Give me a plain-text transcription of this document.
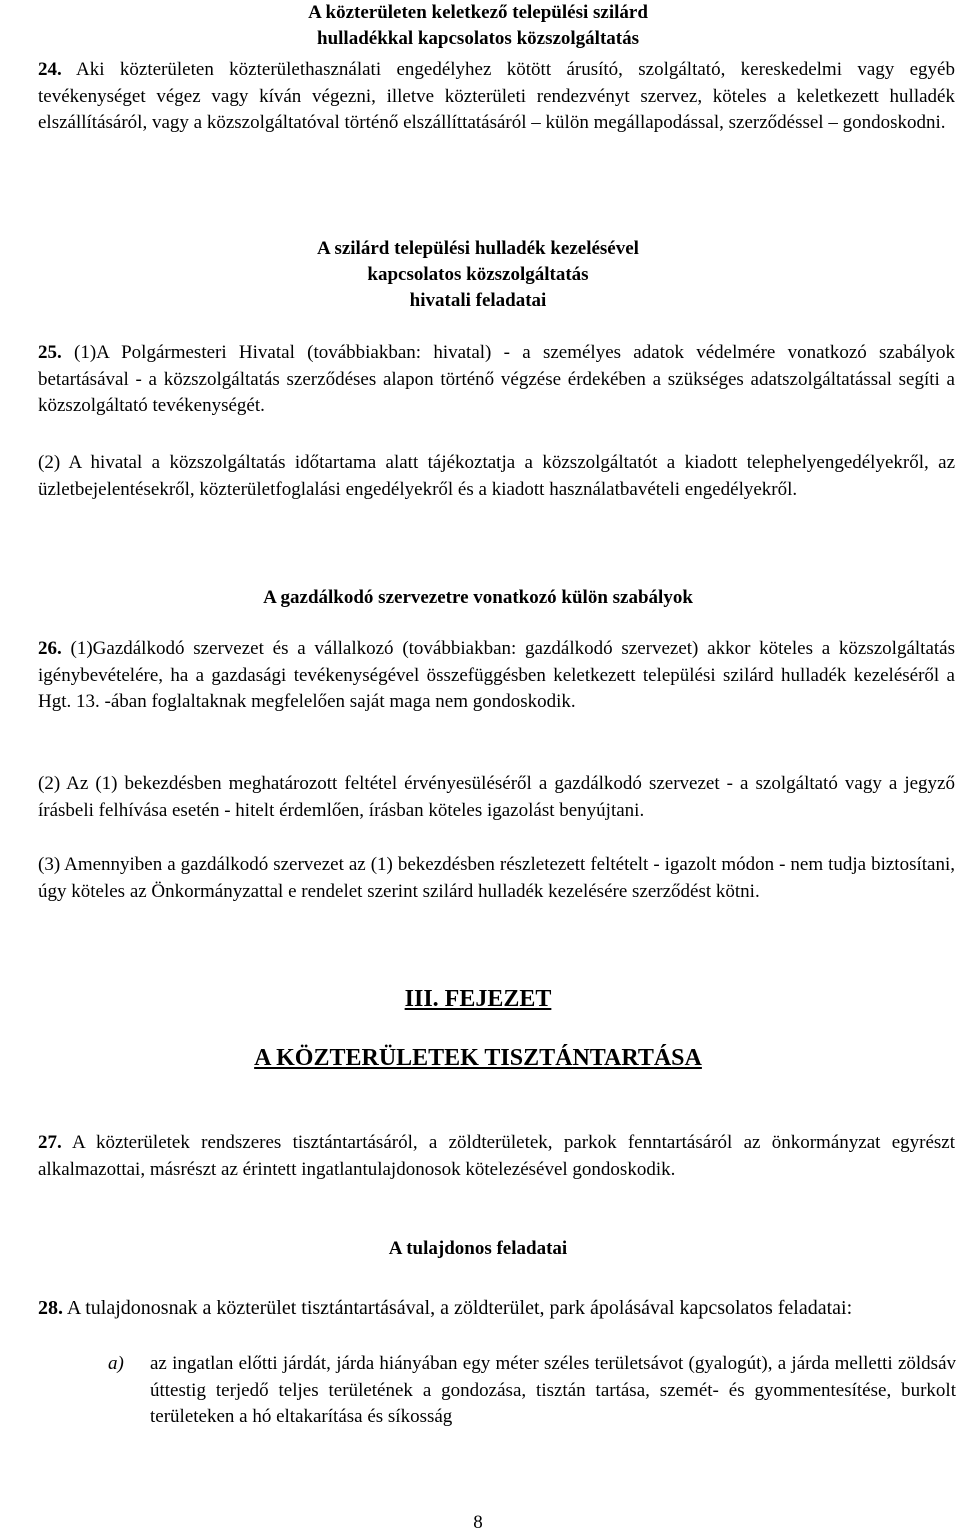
A közterületen keletkező települési szilárd
hulladékkal kapcsolatos közszolgáltatás
24. Aki közterületen közterülethasználati engedélyhez kötött árusító, szolgáltató, kereskedelmi vagy egyéb tevékenységet végez vagy kíván végezni, illetve közterületi rendezvényt szervez, köteles a keletkezett hulladék elszállításáról, vagy a közszolgáltatóval történő elszállíttatásáról – külön megállapodással, szerződéssel – gondoskodni.
A szilárd települési hulladék kezelésével
kapcsolatos közszolgáltatás
hivatali feladatai
25. (1)A Polgármesteri Hivatal (továbbiakban: hivatal) - a személyes adatok védelmére vonatkozó szabályok betartásával - a közszolgáltatás szerződéses alapon történő végzése érdekében a szükséges adatszolgáltatással segíti a közszolgáltató tevékenységét.
(2) A hivatal a közszolgáltatás időtartama alatt tájékoztatja a közszolgáltatót a kiadott telephelyengedélyekről, az üzletbejelentésekről, közterületfoglalási engedélyekről és a kiadott használatbavételi engedélyekről.
A gazdálkodó szervezetre vonatkozó külön szabályok
26. (1)Gazdálkodó szervezet és a vállalkozó (továbbiakban: gazdálkodó szervezet) akkor köteles a közszolgáltatás igénybevételére, ha a gazdasági tevékenységével összefüggésben keletkezett települési szilárd hulladék kezeléséről a Hgt. 13. -ában foglaltaknak megfelelően saját maga nem gondoskodik.
(2) Az (1) bekezdésben meghatározott feltétel érvényesüléséről a gazdálkodó szervezet - a szolgáltató vagy a jegyző írásbeli felhívása esetén - hitelt érdemlően, írásban köteles igazolást benyújtani.
(3) Amennyiben a gazdálkodó szervezet az (1) bekezdésben részletezett feltételt - igazolt módon - nem tudja biztosítani, úgy köteles az Önkormányzattal e rendelet szerint szilárd hulladék kezelésére szerződést kötni.
III. FEJEZET
A KÖZTERÜLETEK TISZTÁNTARTÁSA
27. A közterületek rendszeres tisztántartásáról, a zöldterületek, parkok fenntartásáról az önkormányzat egyrészt alkalmazottai, másrészt az érintett ingatlantulajdonosok kötelezésével gondoskodik.
A tulajdonos feladatai
28. A tulajdonosnak a közterület tisztántartásával, a zöldterület, park ápolásával kapcsolatos feladatai:
a) az ingatlan előtti járdát, járda hiányában egy méter széles területsávot (gyalogút), a járda melletti zöldsáv úttestig terjedő teljes területének a gondozása, tisztán tartása, szemét- és gyommentesítése, burkolt területeken a hó eltakarítása és síkosság
8
